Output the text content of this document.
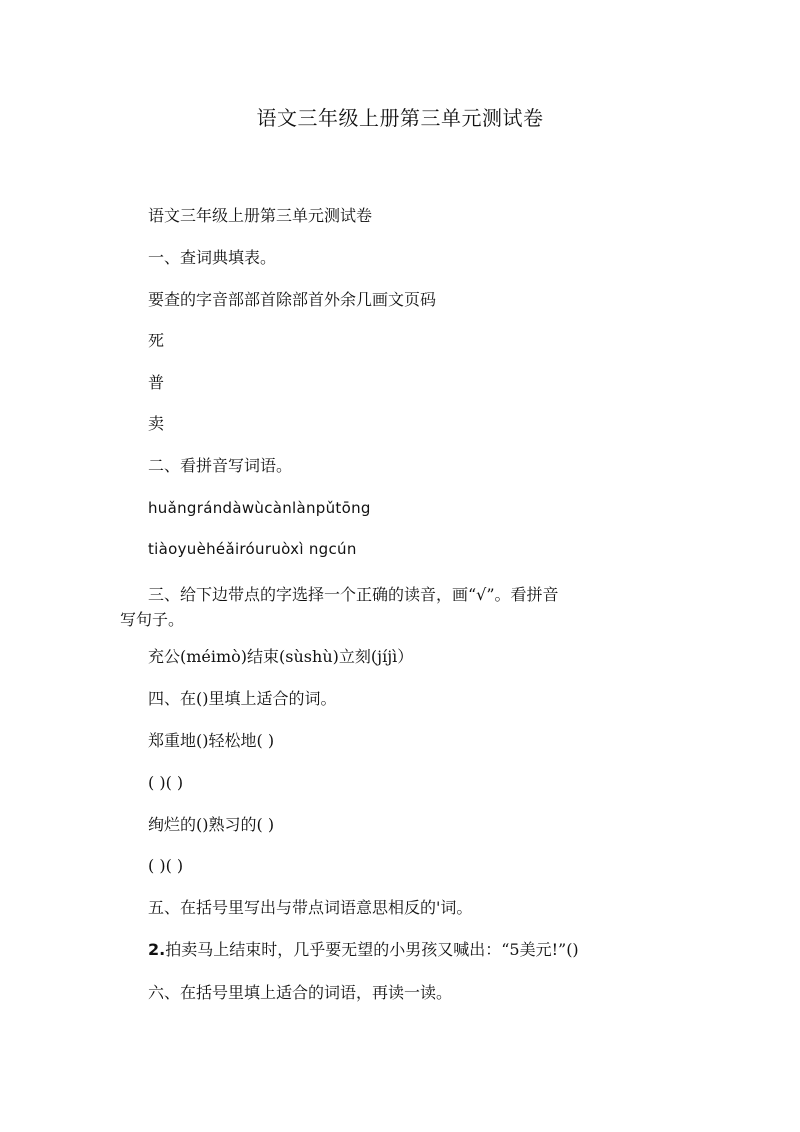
语文三年级上册第三单元测试卷
语文三年级上册第三单元测试卷
一、查词典填表。
要查的字音部部首除部首外余几画文页码
死
普
卖
二、看拼音写词语。
huǎngrándàwùcànlànpǔtōng
tiàoyuèhéǎiróuruòxì ngcún
三、给下边带点的字选择一个正确的读音，画“√”。看拼音
写句子。
充公(méimò)结束(sùshù)立刻(jíjì）
四、在()里填上适合的词。
郑重地()轻松地( )
( )( )
绚烂的()熟习的( )
( )( )
五、在括号里写出与带点词语意思相反的'词。
2.拍卖马上结束时，几乎要无望的小男孩又喊出：“5美元!”()
六、在括号里填上适合的词语，再读一读。
